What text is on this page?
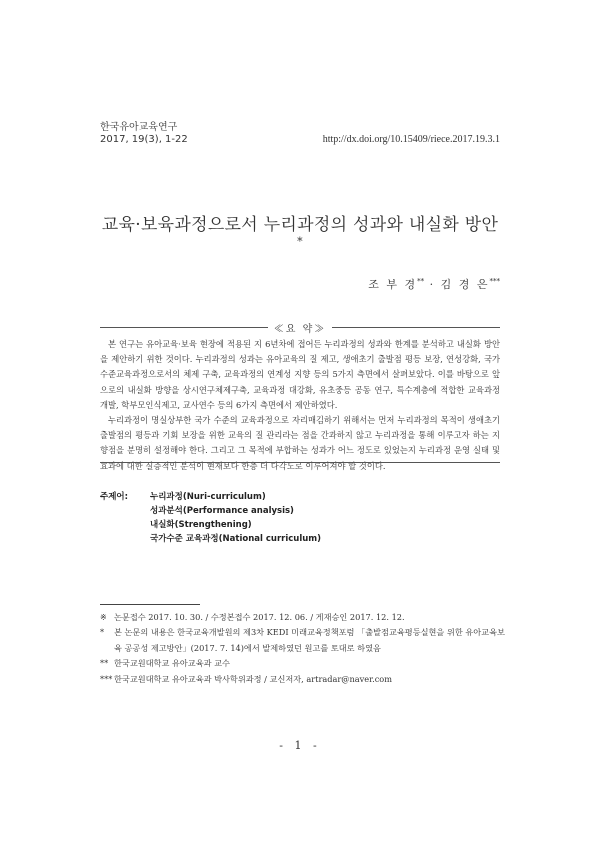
한국유아교육연구
2017, 19(3), 1-22	http://dx.doi.org/10.15409/riece.2017.19.3.1
교육·보육과정으로서 누리과정의 성과와 내실화 방안*
조 부 경** · 김 경 은***
≪요 약≫

본 연구는 유아교육·보육 현장에 적용된 지 6년차에 접어든 누리과정의 성과와 한계를 분석하고 내실화 방안을 제안하기 위한 것이다. 누리과정의 성과는 유아교육의 질 제고, 생애초기 출발점 평등 보장, 연성강화, 국가 수준교육과정으로서의 체제 구축, 교육과정의 연계성 지향 등의 5가지 측면에서 살펴보았다. 이를 바탕으로 앞으로의 내실화 방향을 상시연구체제구축, 교육과정 대강화, 유초중등 공동 연구, 특수계층에 적합한 교육과정 개발, 학부모인식제고, 교사연수 등의 6가지 측면에서 제안하였다.

누리과정이 명실상부한 국가 수준의 교육과정으로 자리매김하기 위해서는 먼저 누리과정의 목적이 생애초기 출발점의 평등과 기회 보장을 위한 교육의 질 관리라는 점을 간과하지 않고 누리과정을 통해 이루고자 하는 지향점을 분명히 설정해야 한다. 그리고 그 목적에 부합하는 성과가 어느 정도로 있었는지 누리과정 운영 실태 및 효과에 대한 실증적인 분석이 현재보다 한층 더 다각도로 이루어져야 할 것이다.

주제어:	누리과정(Nuri-curriculum)
성과분석(Performance analysis)
내실화(Strengthening)
국가수준 교육과정(National curriculum)

※ 논문접수 2017. 10. 30. / 수정본접수 2017. 12. 06. / 게재승인 2017. 12. 12.

* 본 논문의 내용은 한국교육개발원의 제3차 KEDI 미래교육정책포럼 「출발점교육평등실현을 위한 유아교육보육 공공성 제고방안」(2017. 7. 14)에서 발제하였던 원고를 토대로 하였음

** 한국교원대학교 유아교육과 교수

*** 한국교원대학교 유아교육과 박사학위과정 / 교신저자, artradar@naver.com

- 1 -
